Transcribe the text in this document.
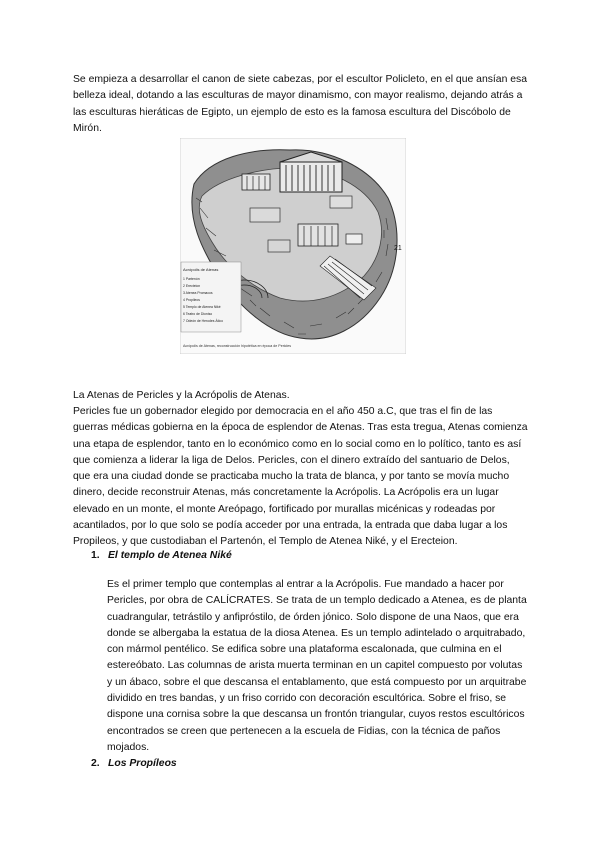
Se empieza a desarrollar el canon de siete cabezas, por el escultor Policleto, en el que ansían esa belleza ideal, dotando a las esculturas de mayor dinamismo, con mayor realismo, dejando atrás a las esculturas hieráticas de Egipto, un ejemplo de esto es la famosa escultura del Discóbolo de Mirón.

21
Acrópolis de Atenas
1 Partenón
2 Erecteion
3 Atenea Promacos
4 Propileos
5 Templo de Atenea Niké
6 Teatro de Dioniso
7 Odeón de Herodes Ático
Acrópolis de Atenas, reconstrucción hipotética en época de Pericles

La Atenas de Pericles y la Acrópolis de Atenas.

Pericles fue un gobernador elegido por democracia en el año 450 a.C, que tras el fin de las guerras médicas gobierna en la época de esplendor de Atenas. Tras esta tregua, Atenas comienza una etapa de esplendor, tanto en lo económico como en lo social como en lo político, tanto es así que comienza a liderar la liga de Delos. Pericles, con el dinero extraído del santuario de Delos, que era una ciudad donde se practicaba mucho la trata de blanca, y por tanto se movía mucho dinero, decide reconstruir Atenas, más concretamente la Acrópolis. La Acrópolis era un lugar elevado en un monte, el monte Areópago, fortificado por murallas micénicas y rodeadas por acantilados, por lo que solo se podía acceder por una entrada, la entrada que daba lugar a los Propileos, y que custodiaban el Partenón, el Templo de Atenea Niké, y el Erecteion.

1. El templo de Atenea Niké

Es el primer templo que contemplas al entrar a la Acrópolis. Fue mandado a hacer por Pericles, por obra de CALÍCRATES. Se trata de un templo dedicado a Atenea, es de planta cuadrangular, tetrástilo y anfipróstilo, de órden jónico. Solo dispone de una Naos, que era donde se albergaba la estatua de la diosa Atenea. Es un templo adintelado o arquitrabado, con mármol pentélico. Se edifica sobre una plataforma escalonada, que culmina en el estereóbato. Las columnas de arista muerta terminan en un capitel compuesto por volutas y un ábaco, sobre el que descansa el entablamento, que está compuesto por un arquitrabe dividido en tres bandas, y un friso corrido con decoración escultórica. Sobre el friso, se dispone una cornisa sobre la que descansa un frontón triangular, cuyos restos escultóricos encontrados se creen que pertenecen a la escuela de Fidias, con la técnica de paños mojados.

2. Los Propíleos
